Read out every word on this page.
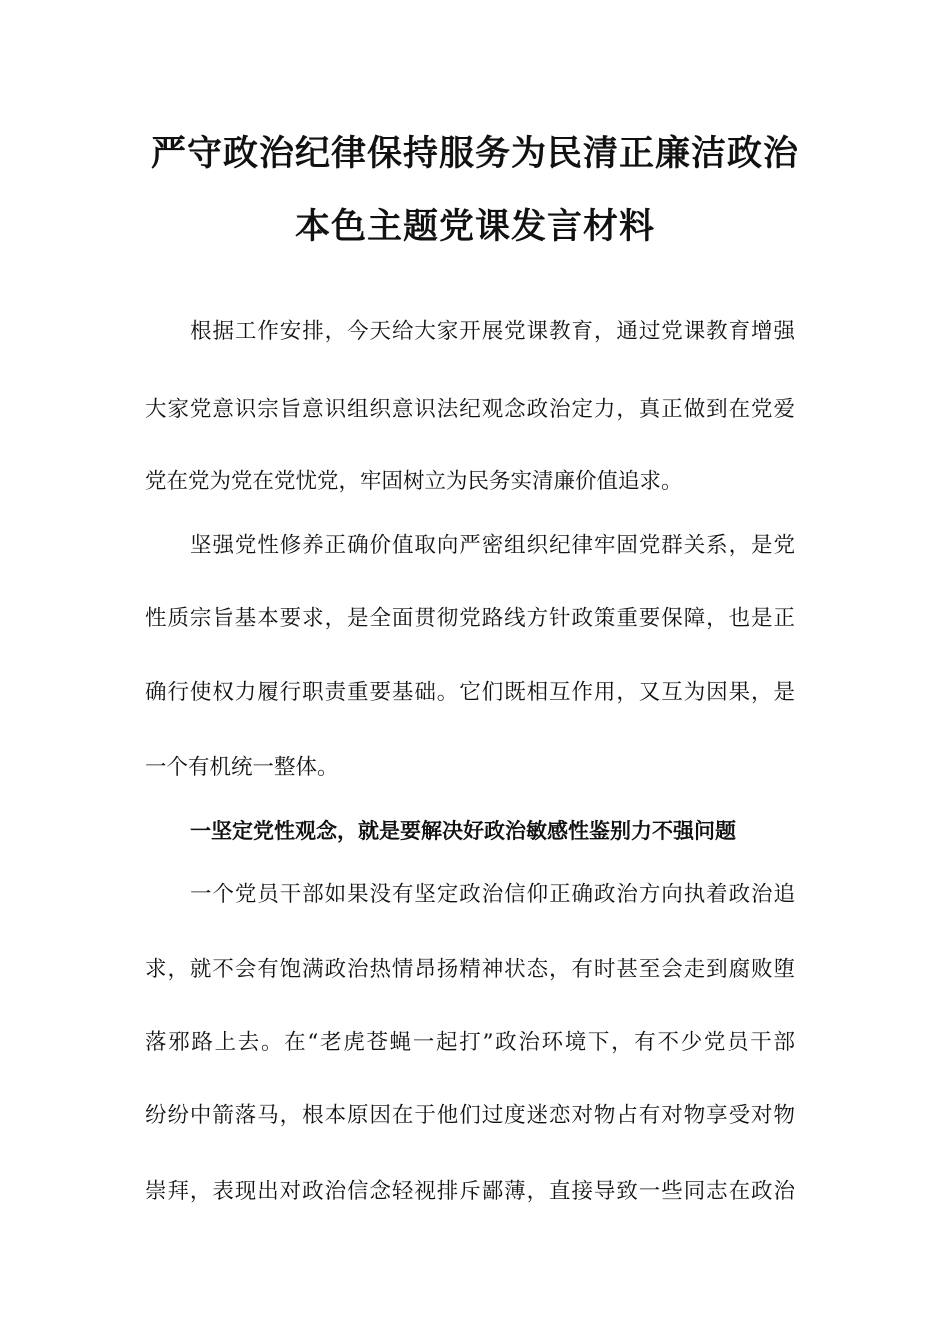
严守政治纪律保持服务为民清正廉洁政治
本色主题党课发言材料
根据工作安排，今天给大家开展党课教育，通过党课教育增强
大家党意识宗旨意识组织意识法纪观念政治定力，真正做到在党爱
党在党为党在党忧党，牢固树立为民务实清廉价值追求。
坚强党性修养正确价值取向严密组织纪律牢固党群关系，是党
性质宗旨基本要求，是全面贯彻党路线方针政策重要保障，也是正
确行使权力履行职责重要基础。它们既相互作用，又互为因果，是
一个有机统一整体。
一坚定党性观念，就是要解决好政治敏感性鉴别力不强问题
一个党员干部如果没有坚定政治信仰正确政治方向执着政治追
求，就不会有饱满政治热情昂扬精神状态，有时甚至会走到腐败堕
落邪路上去。在“老虎苍蝇一起打”政治环境下，有不少党员干部
纷纷中箭落马，根本原因在于他们过度迷恋对物占有对物享受对物
崇拜，表现出对政治信念轻视排斥鄙薄，直接导致一些同志在政治
